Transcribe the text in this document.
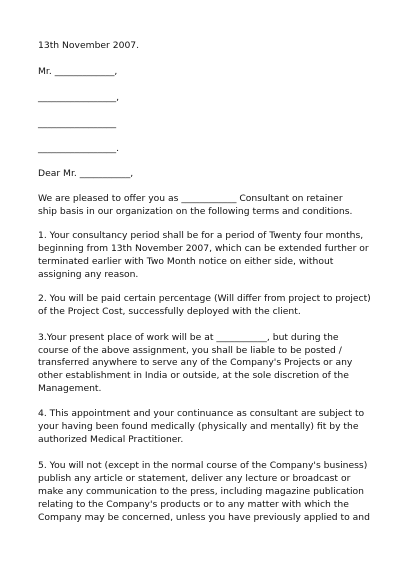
13th November 2007.
Mr. _____________,
_________________,
_________________
_________________.
Dear Mr. ___________,
We are pleased to offer you as ____________ Consultant on retainer
ship basis in our organization on the following terms and conditions.
1. Your consultancy period shall be for a period of Twenty four months,
beginning from 13th November 2007, which can be extended further or
terminated earlier with Two Month notice on either side, without
assigning any reason.
2. You will be paid certain percentage (Will differ from project to project)
of the Project Cost, successfully deployed with the client.
3.Your present place of work will be at ___________, but during the
course of the above assignment, you shall be liable to be posted /
transferred anywhere to serve any of the Company's Projects or any
other establishment in India or outside, at the sole discretion of the
Management.
4. This appointment and your continuance as consultant are subject to
your having been found medically (physically and mentally) fit by the
authorized Medical Practitioner.
5. You will not (except in the normal course of the Company's business)
publish any article or statement, deliver any lecture or broadcast or
make any communication to the press, including magazine publication
relating to the Company's products or to any matter with which the
Company may be concerned, unless you have previously applied to and
